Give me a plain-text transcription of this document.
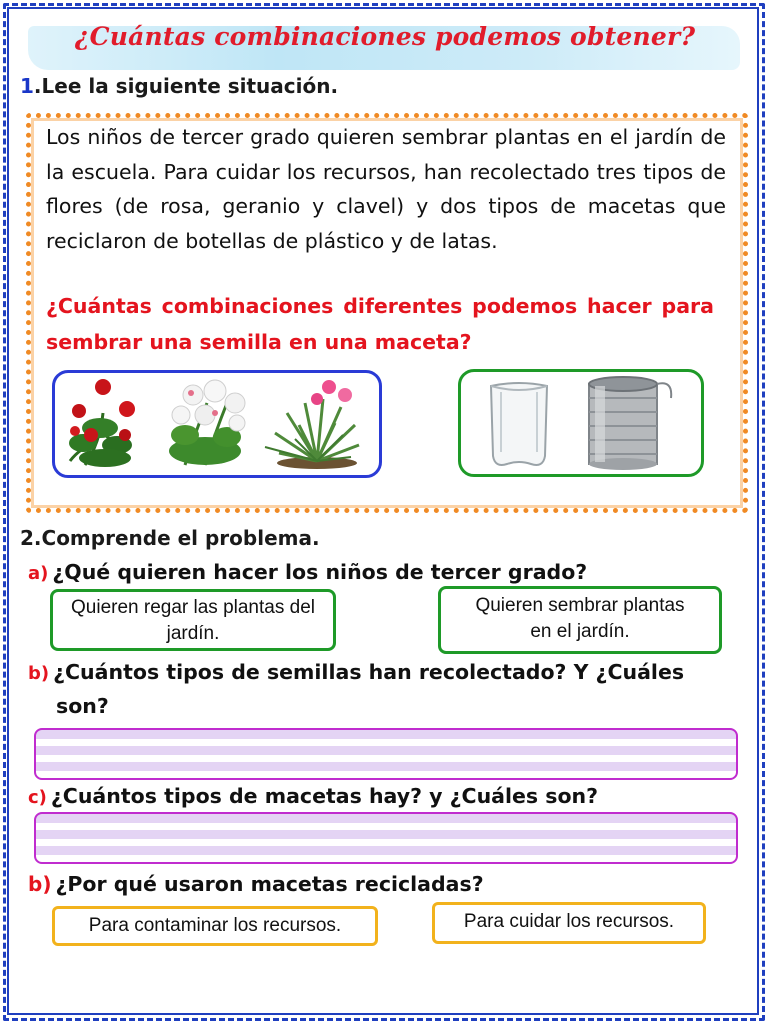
¿Cuántas combinaciones podemos obtener?
1.Lee la siguiente situación.
Los niños de tercer grado quieren sembrar plantas en el jardín de la escuela. Para cuidar los recursos, han recolectado tres tipos de flores (de rosa, geranio y clavel) y dos tipos de macetas que reciclaron de botellas de plástico y de latas.
¿Cuántas combinaciones diferentes podemos hacer para sembrar una semilla en una maceta?
2.Comprende el problema.
a) ¿Qué quieren hacer los niños de tercer grado?
Quieren regar las plantas del jardín.
Quieren sembrar plantas en el jardín.
b) ¿Cuántos tipos de semillas han recolectado? Y ¿Cuáles
son?
c) ¿Cuántos tipos de macetas hay? y ¿Cuáles son?
b) ¿Por qué usaron macetas recicladas?
Para contaminar los recursos.	Para cuidar los recursos.
